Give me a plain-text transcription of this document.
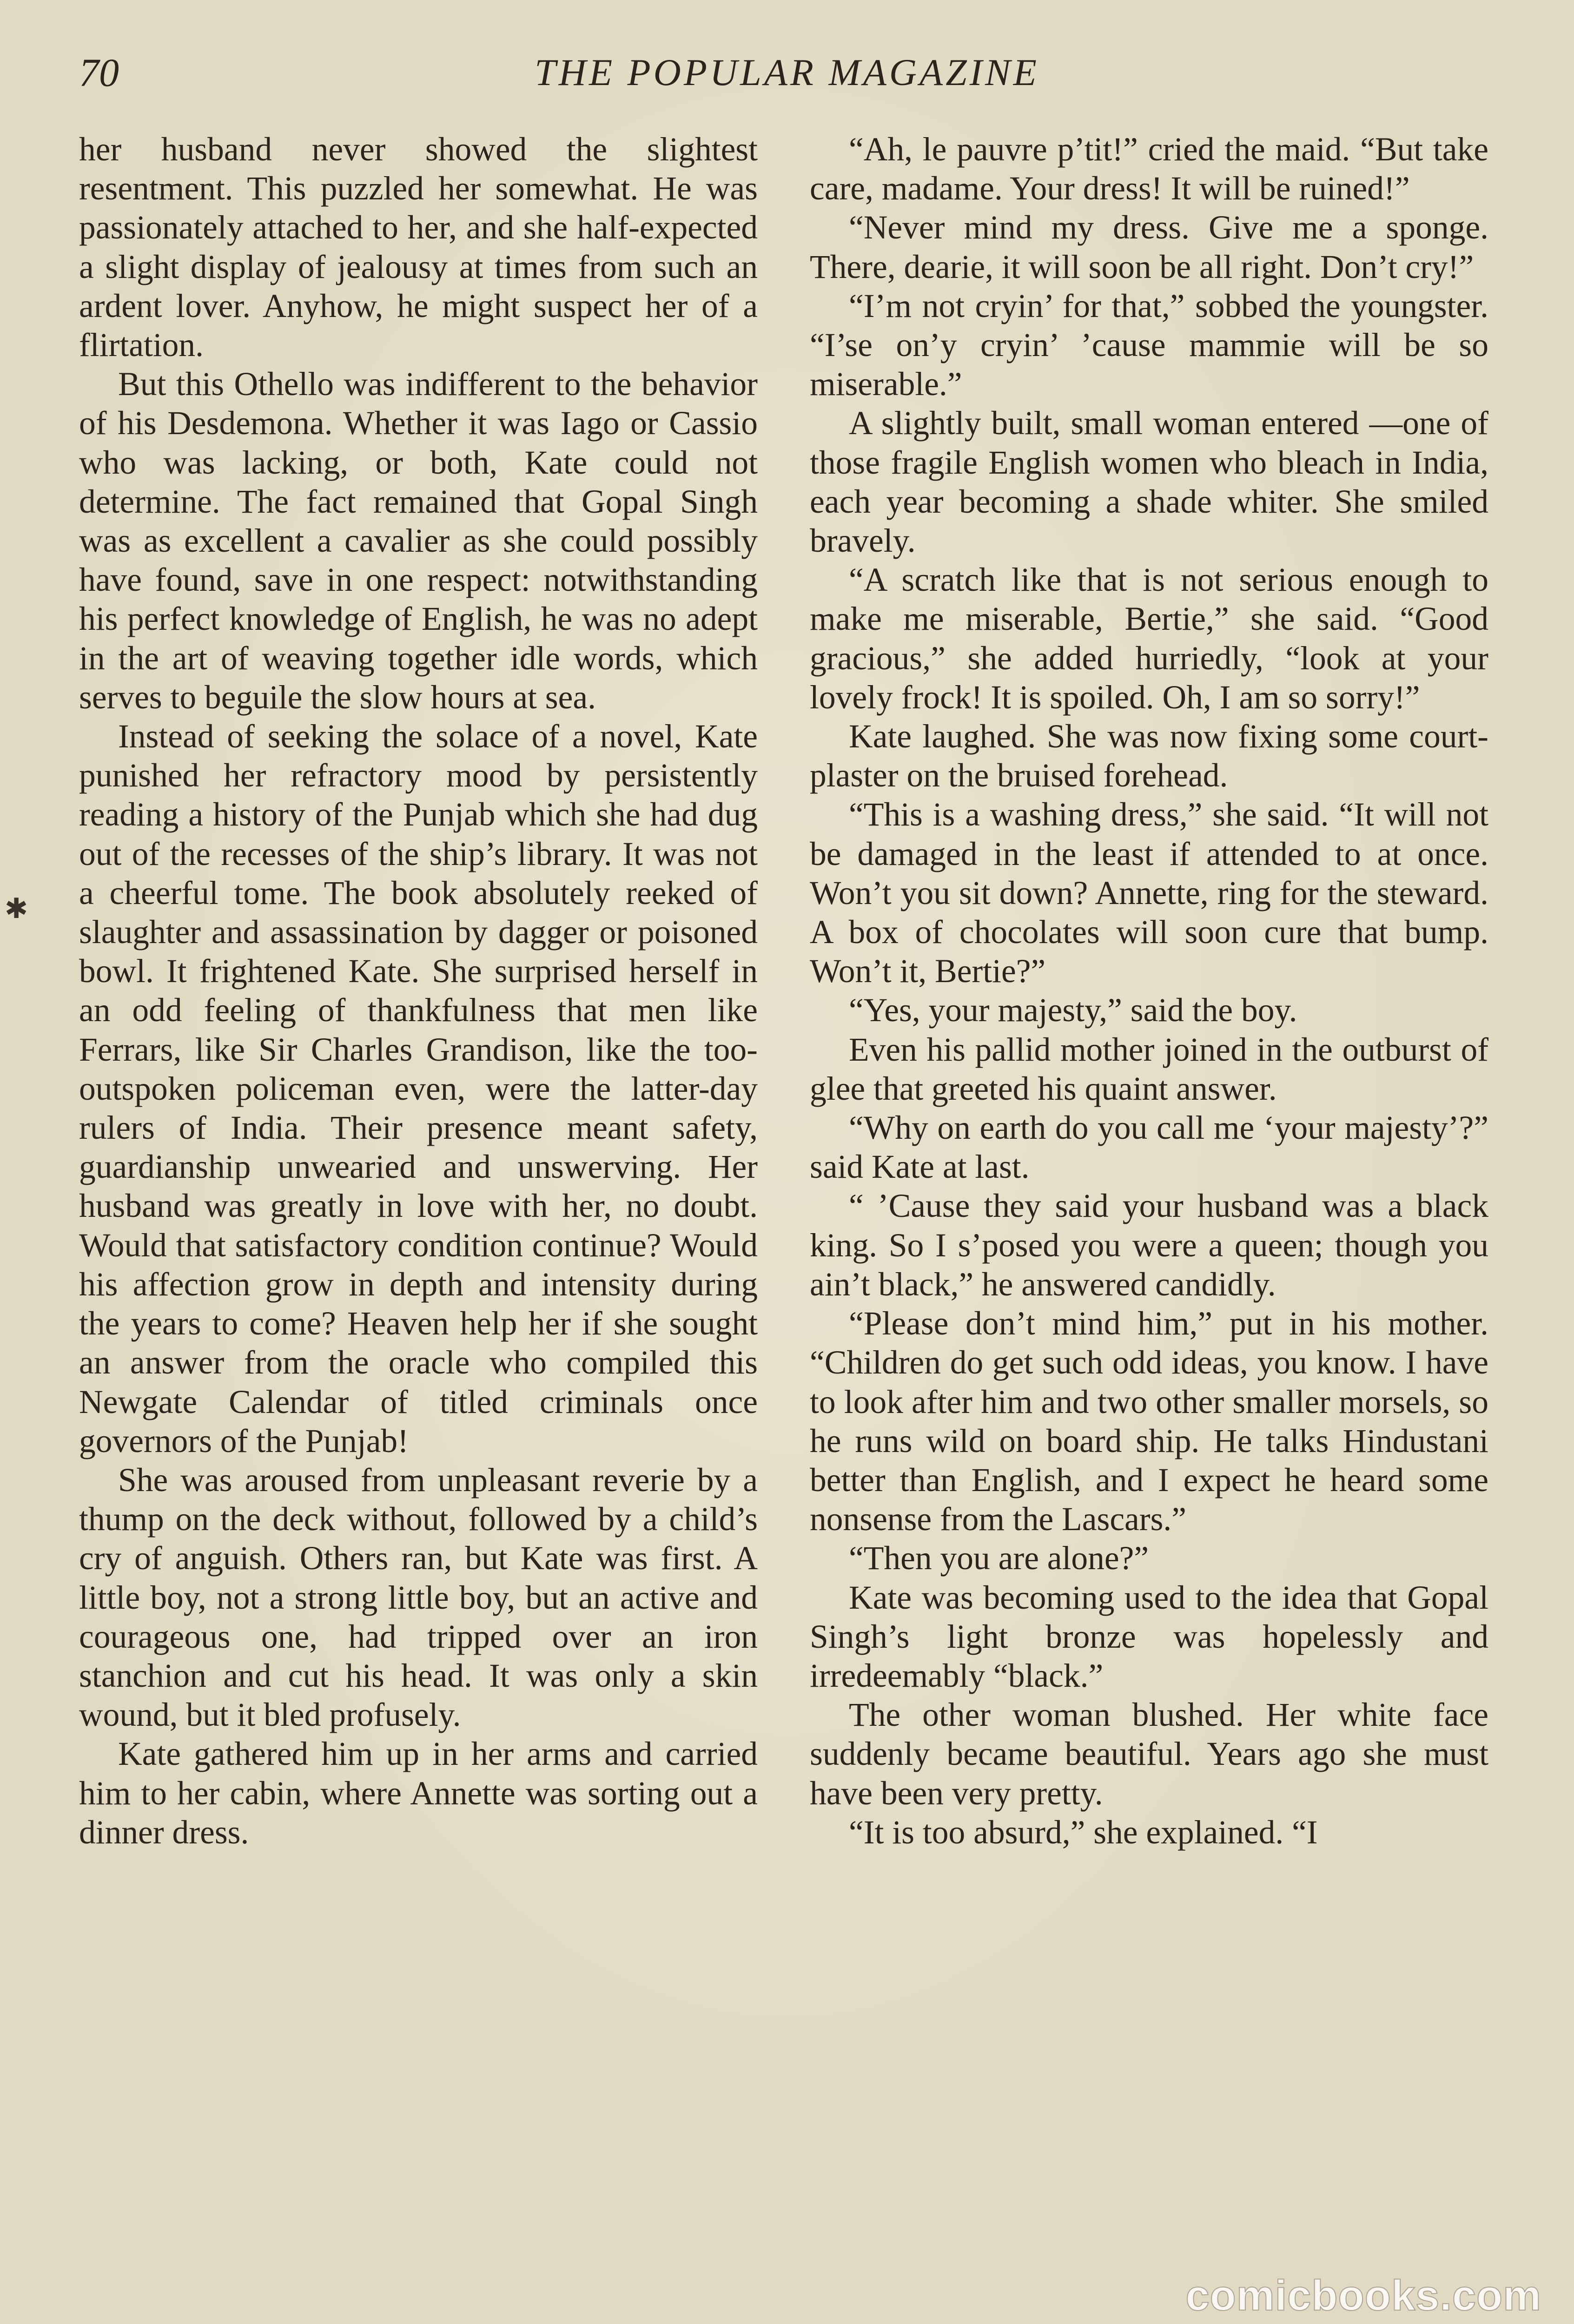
70	THE POPULAR MAGAZINE

her husband never showed the slightest resentment. This puzzled her somewhat. He was passionately attached to her, and she half-expected a slight display of jealousy at times from such an ardent lover. Anyhow, he might suspect her of a flirtation.

But this Othello was indifferent to the behavior of his Desdemona. Whether it was Iago or Cassio who was lacking, or both, Kate could not determine. The fact remained that Gopal Singh was as excellent a cavalier as she could possibly have found, save in one respect: notwithstanding his perfect knowledge of English, he was no adept in the art of weaving together idle words, which serves to beguile the slow hours at sea.

Instead of seeking the solace of a novel, Kate punished her refractory mood by persistently reading a history of the Punjab which she had dug out of the recesses of the ship’s library. It was not a cheerful tome. The book absolutely reeked of slaughter and assassination by dagger or poisoned bowl. It frightened Kate. She surprised herself in an odd feeling of thankfulness that men like Ferrars, like Sir Charles Grandison, like the too-outspoken policeman even, were the latter-day rulers of India. Their presence meant safety, guardianship unwearied and unswerving. Her husband was greatly in love with her, no doubt. Would that satisfactory condition continue? Would his affection grow in depth and intensity during the years to come? Heaven help her if she sought an answer from the oracle who compiled this Newgate Calendar of titled criminals once governors of the Punjab!

She was aroused from unpleasant reverie by a thump on the deck without, followed by a child’s cry of anguish. Others ran, but Kate was first. A little boy, not a strong little boy, but an active and courageous one, had tripped over an iron stanchion and cut his head. It was only a skin wound, but it bled profusely.

Kate gathered him up in her arms and carried him to her cabin, where Annette was sorting out a dinner dress.

“Ah, le pauvre p’tit!” cried the maid. “But take care, madame. Your dress! It will be ruined!”

“Never mind my dress. Give me a sponge. There, dearie, it will soon be all right. Don’t cry!”

“I’m not cryin’ for that,” sobbed the youngster. “I’se on’y cryin’ ’cause mammie will be so miserable.”

A slightly built, small woman entered —one of those fragile English women who bleach in India, each year becoming a shade whiter. She smiled bravely.

“A scratch like that is not serious enough to make me miserable, Bertie,” she said. “Good gracious,” she added hurriedly, “look at your lovely frock! It is spoiled. Oh, I am so sorry!”

Kate laughed. She was now fixing some court-plaster on the bruised forehead.

“This is a washing dress,” she said. “It will not be damaged in the least if attended to at once. Won’t you sit down? Annette, ring for the steward. A box of chocolates will soon cure that bump. Won’t it, Bertie?”

“Yes, your majesty,” said the boy.

Even his pallid mother joined in the outburst of glee that greeted his quaint answer.

“Why on earth do you call me ‘your majesty’?” said Kate at last.

“ ’Cause they said your husband was a black king. So I s’posed you were a queen; though you ain’t black,” he answered candidly.

“Please don’t mind him,” put in his mother. “Children do get such odd ideas, you know. I have to look after him and two other smaller morsels, so he runs wild on board ship. He talks Hindustani better than English, and I expect he heard some nonsense from the Lascars.”

“Then you are alone?”

Kate was becoming used to the idea that Gopal Singh’s light bronze was hopelessly and irredeemably “black.”

The other woman blushed. Her white face suddenly became beautiful. Years ago she must have been very pretty.

“It is too absurd,” she explained. “I

✱
comicbooks.com
